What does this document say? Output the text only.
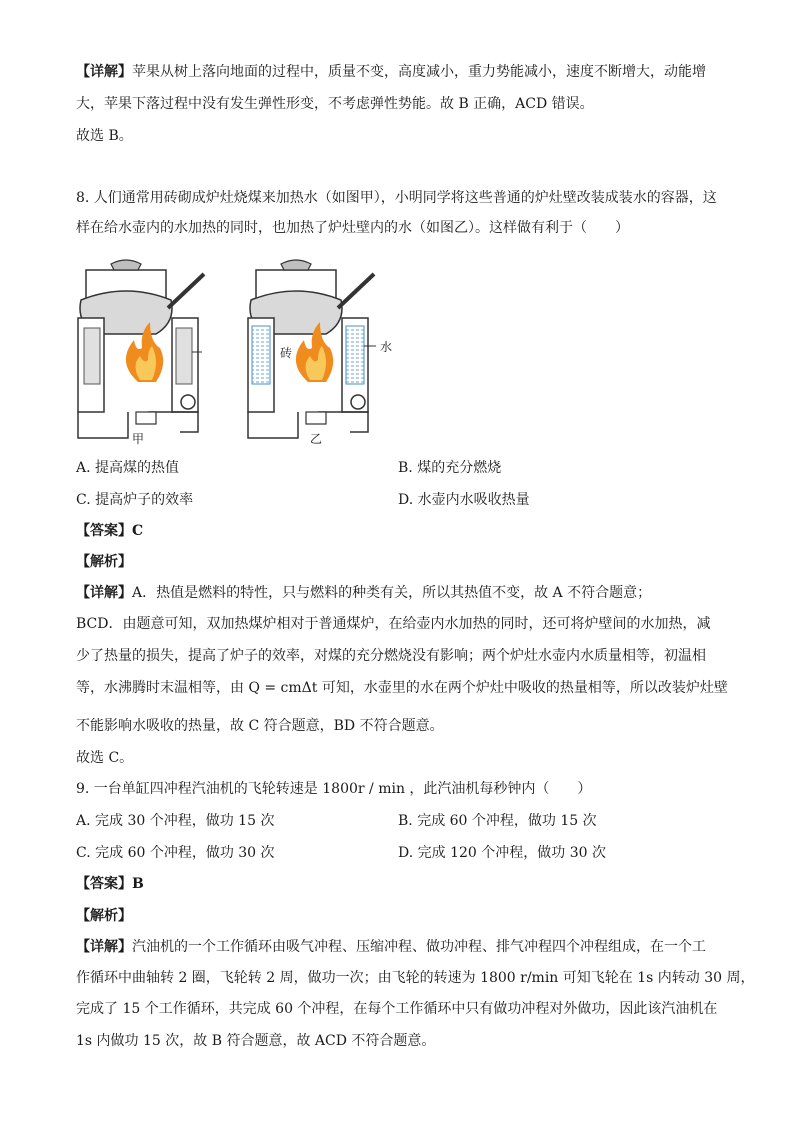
【详解】苹果从树上落向地面的过程中，质量不变，高度减小，重力势能减小，速度不断增大，动能增
大，苹果下落过程中没有发生弹性形变，不考虑弹性势能。故 B 正确，ACD 错误。
故选 B。
8. 人们通常用砖砌成炉灶烧煤来加热水（如图甲），小明同学将这些普通的炉灶壁改装成装水的容器，这
样在给水壶内的水加热的同时，也加热了炉灶壁内的水（如图乙）。这样做有利于（　　）
砖	水
甲	乙
A. 提高煤的热值	B. 煤的充分燃烧
C. 提高炉子的效率	D. 水壶内水吸收热量
【答案】C
【解析】
【详解】A．热值是燃料的特性，只与燃料的种类有关，所以其热值不变，故 A 不符合题意；
BCD．由题意可知，双加热煤炉相对于普通煤炉，在给壶内水加热的同时，还可将炉壁间的水加热，减
少了热量的损失，提高了炉子的效率，对煤的充分燃烧没有影响；两个炉灶水壶内水质量相等，初温相
等，水沸腾时末温相等，由 Q = cmΔt 可知，水壶里的水在两个炉灶中吸收的热量相等，所以改装炉灶壁
不能影响水吸收的热量，故 C 符合题意，BD 不符合题意。
故选 C。
9. 一台单缸四冲程汽油机的飞轮转速是 1800r / min ，此汽油机每秒钟内（　　）
A. 完成 30 个冲程，做功 15 次	B. 完成 60 个冲程，做功 15 次
C. 完成 60 个冲程，做功 30 次	D. 完成 120 个冲程，做功 30 次
【答案】B
【解析】
【详解】汽油机的一个工作循环由吸气冲程、压缩冲程、做功冲程、排气冲程四个冲程组成，在一个工
作循环中曲轴转 2 圈，飞轮转 2 周，做功一次；由飞轮的转速为 1800 r/min 可知飞轮在 1s 内转动 30 周，
完成了 15 个工作循环，共完成 60 个冲程，在每个工作循环中只有做功冲程对外做功，因此该汽油机在
1s 内做功 15 次，故 B 符合题意，故 ACD 不符合题意。
